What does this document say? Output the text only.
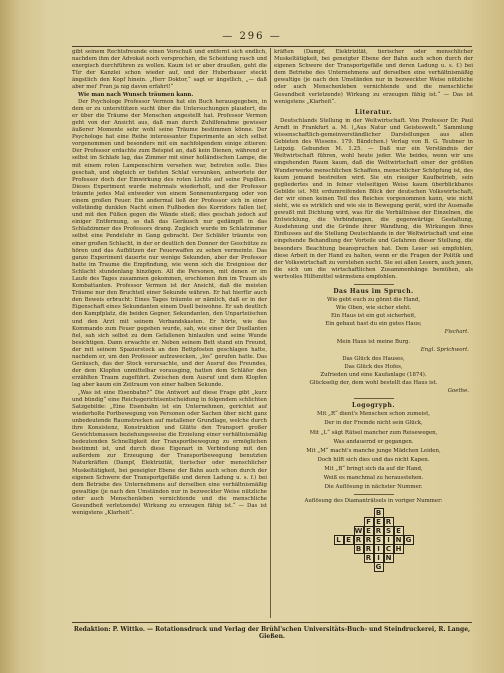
— 296 —

gibt seinem Rechtsfreunde einen Vorschuß und entfernt sich endlich, nachdem ihm der Advokat noch versprochen, die Scheidung rasch und energisch durchführen zu wollen. Kaum ist er aber draußen, geht die Tür der Kanzlei schon wieder auf, und der Huberbauer steckt ängstlich den Kopf hinein. „Herr Doktor,“ sagt er ängstlich, „— daß aber mei' Fran ja nig davon erfahrt!“

Wie man nach Wunsch träumen kann.

Der Psychologe Professor Vermon hat ein Buch herausgegeben, in dem er zu unterstützen sucht über die Untersuchungen plaudert, die er über die Träume der Menschen angestellt hat. Professor Vermon geht von der Ansicht aus, daß man durch Zuhilfenahme gewisser äußerer Momente sehr wohl seine Träume bestimmen könne. Der Psychologe hat eine Reihe interessanter Experimente an sich selbst vorgenommen und besonders mit ein nachfolgendem einige zitieren: Der Professor erdachte zum Beispiel an, daß kein Dienen, während er selbst im Schlafe lag, das Zimmer mit einer holländischen Lampe, die mit einem roten Lampenschirm versehen war, betreten solle. Dies geschah, und obgleich er tiefsten Schlaf versunken, antwortete der Professor doch der Einwirkung des roten Lichts auf seine Pupillen. Dieses Experiment wurde mehrmals wiederholt, und der Professor träumte jedes Mal entweder von einem Sonnenuntergang oder von einem großen Feuer. Ein andermal ließ der Professor sich in einer vollständig dunklen Nacht einen Fußboden des Korridors fallen lief, und mit den Füßen gegen die Wände stieß; dies geschah jedoch auf einiger Entfernung, so daß das Geräusch nur gedämpft in das Schlafzimmer des Professors drang. Zugleich wurde im Schlafzimmer selbst eine Pendeluhr in Gang gebracht. Der Schläfer träumte von einer großen Schlacht, in der er deutlich den Donner der Geschütze zu hören und das Aufblitzen der Feuerwaffen zu sehen vermeinte. Das ganze Experiment dauerte nur wenige Sekunden, aber der Professor hatte im Traume die Empfindung, wie wenn sich die Ereignisse der Schlacht stundenlang hinzögen. All die Personen, mit denen er im Laufe des Tages zusammen gekommen, erschienen ihm im Traum als Kombattanten. Professor Vermon ist der Ansicht, daß die meisten Träume nur den Bruchteil einer Sekunde währen. Er hat hierfür auch den Beweis erbracht: Eines Tages träumte er nämlich, daß er in der Eigenschaft eines Sekundanten einem Duell beiwohne. Er sah deutlich den Kampfplatz, die beiden Gegner, Sekundanten, den Unparteiischen und den Arzt mit seinem Verbandskasten. Er hörte, wie das Kommando zum Feuer gegeben wurde, sah, wie einer der Duellanten fiel, sah sich selbst zu dem Gefallenen hinlaufen und seine Wunde besichtigen. Dann erwachte er. Neben seinem Bett stand ein Freund, der mit seinem Spazierstock an den Bettpfosten geschlagen hatte, nachdem er, um den Professor aufzuwecken, „los“ gerufen hatte. Das Geräusch, das der Stock verursachte, und der Ausruf des Freundes, der dem Klopfen unmittelbar vorausging, hatten dem Schläfer den erzählten Traum zugeführt. Zwischen dem Ausruf und dem Klopfen lag aber kaum ein Zeitraum von einer halben Sekunde.

„Was ist eine Eisenbahn?“ Die Antwort auf diese Frage gibt „kurz und bündig“ eine Reichsgerichtsentscheidung in folgendem schlichten Satzgebilde: „Eine Eisenbahn ist ein Unternehmen, gerichtet auf wiederholte Fortbewegung von Personen oder Sachen über nicht ganz unbedeutende Raumstrecken auf metallener Grundlage, welche durch ihre Konsistenz, Konstruktion und Glätte den Transport großer Gewichtsmassen beziehungsweise die Erzielung einer verhältnismäßig bedeutenden Schnelligkeit der Transportbewegung zu ermöglichen bestimmt ist, und durch diese Eigenart in Verbindung mit den außerdem zur Erzeugung der Transportbewegung benutzten Naturkräften (Dampf, Elektrizität, tierischer oder menschlicher Muskeltätigkeit, bei geneigter Ebene der Bahn auch schon durch der eigenen Schwere der Transportgefäße und deren Ladung u. s. f.) bei dem Betriebe des Unternehmens auf derselben eine verhältnismäßig gewaltige (je nach den Umständen nur in bezweckter Weise nützliche oder auch Menschenleben vernichtende und die menschliche Gesundheit verletzende) Wirkung zu erzeugen fähig ist.“ — Das ist wenigstens „Klarheit“.

kräften (Dampf, Elektrizität, tierischer oder menschlicher Muskeltätigkeit, bei geneigter Ebene der Bahn auch schon durch der eigenen Schwere der Transportgefäße und deren Ladung u. s. f.) bei dem Betriebe des Unternehmens auf derselben eine verhältnismäßig gewaltige (je nach den Umständen nur in bezweckter Weise nützliche oder auch Menschenleben vernichtende und die menschliche Gesundheit verletzende) Wirkung zu erzeugen fähig ist.“ — Das ist wenigstens „Klarheit“.

Literatur.

Deutschlands Stellung in der Weltwirtschaft. Von Professor Dr. Paul Arndt in Frankfurt a. M. („Aus Natur und Geisteswelt.“ Sammlung wissenschaftlich-gemeinverständlicher Darstellungen aus allen Gebieten des Wissens. 179. Bändchen.) Verlag von B. G. Teubner in Leipzig. Gebunden M. 1.25. — Daß nur ein Verständnis der Weltwirtschaft führen, wohl heute jeder. Wie beides, wenn wir uns eingehenden Raum kaum, daß die Weltwirtschaft einer der größten Wunderwerke menschlichen Schaffens, menschlicher Schöpfung ist, des kaum jemand bestreiten wird. Sie ein riesiger Kaufbetrieb, sein gegliedertes und in feiner vielseitigen Weise kaum überblickbares Gebilde ist. Mit erdumreifenden Blick der deutschen Volkswirtschaft, der wir einen keinen Teil des Reiches vorgenommen kann, wie nicht sieht, wie es wirklich und wie sie in Bewegung gerät, wird ihr Ausmaße gewußt mit Dichtung wird, was für die Verhältnisse der Einzelnen, die Entwicklung, die Verbindungen, die gegenwärtige Gestaltung, Ausdehnung und die Gründe ihrer Wandlung, die Wirkungen ihres Einflusses auf die Stellung Deutschlands in der Weltwirtschaft und eine eingehende Behandlung der Vorteile und Gefahren dieser Stellung, die besonders Beachtung beanspruchen hat. Dem Leser sei empfohlen, diese Arbeit in der Hand zu halten, wenn er die Fragen der Politik und der Volkswirtschaft zu verstehen sucht. Sie sei allen Lesern, auch jenen, die sich um die wirtschaftlichen Zusammenhänge bemühen, als wertvolles Hilfsmittel wärmstens empfohlen.

Das Haus im Spruch.
Wie gebt euch zu gönnt die Hand,
Wie Oben, wie sicher steht.
Ein Haus ist ein gut sicherheit,
Ein gebaut hast du ein gutes Haus;
Fischart.
Mein Haus ist meine Burg.
Engl. Sprichwort.
Das Glück des Hauses,
Das Glück des Hofes,
Zufrieden und eine Kaufanlage (1874).
Glückselig der, dem wohl bestellt das Haus ist.
Goethe.
Logogryph.
Mit „R“ dient's Menschen schon zumeist,
Der in der Fremde nicht sein Glück,
Mit „L“ sägt Rätsel mancher zum Reisewegen,
Was andauernd er gegangen.
Mit „M“ macht's manche junge Mädchen Leiden,
Doch hilft sich dies und das nicht Kapen.
Mit „B“ bringt sich da auf dir Hand,
Weiß es manchmal zu herausstehen.
Die Auflösung in nächster Nummer.
Auflösung des Diamanträtsels in voriger Nummer:
B
F E R
W E R S E
L E R R S I N G
B R I C H
R I N
G
Redaktion: P. Wittko. — Rotationsdruck und Verlag der Brühl'schen Universitäts-Buch- und Steindruckerei, R. Lange, Gießen.
